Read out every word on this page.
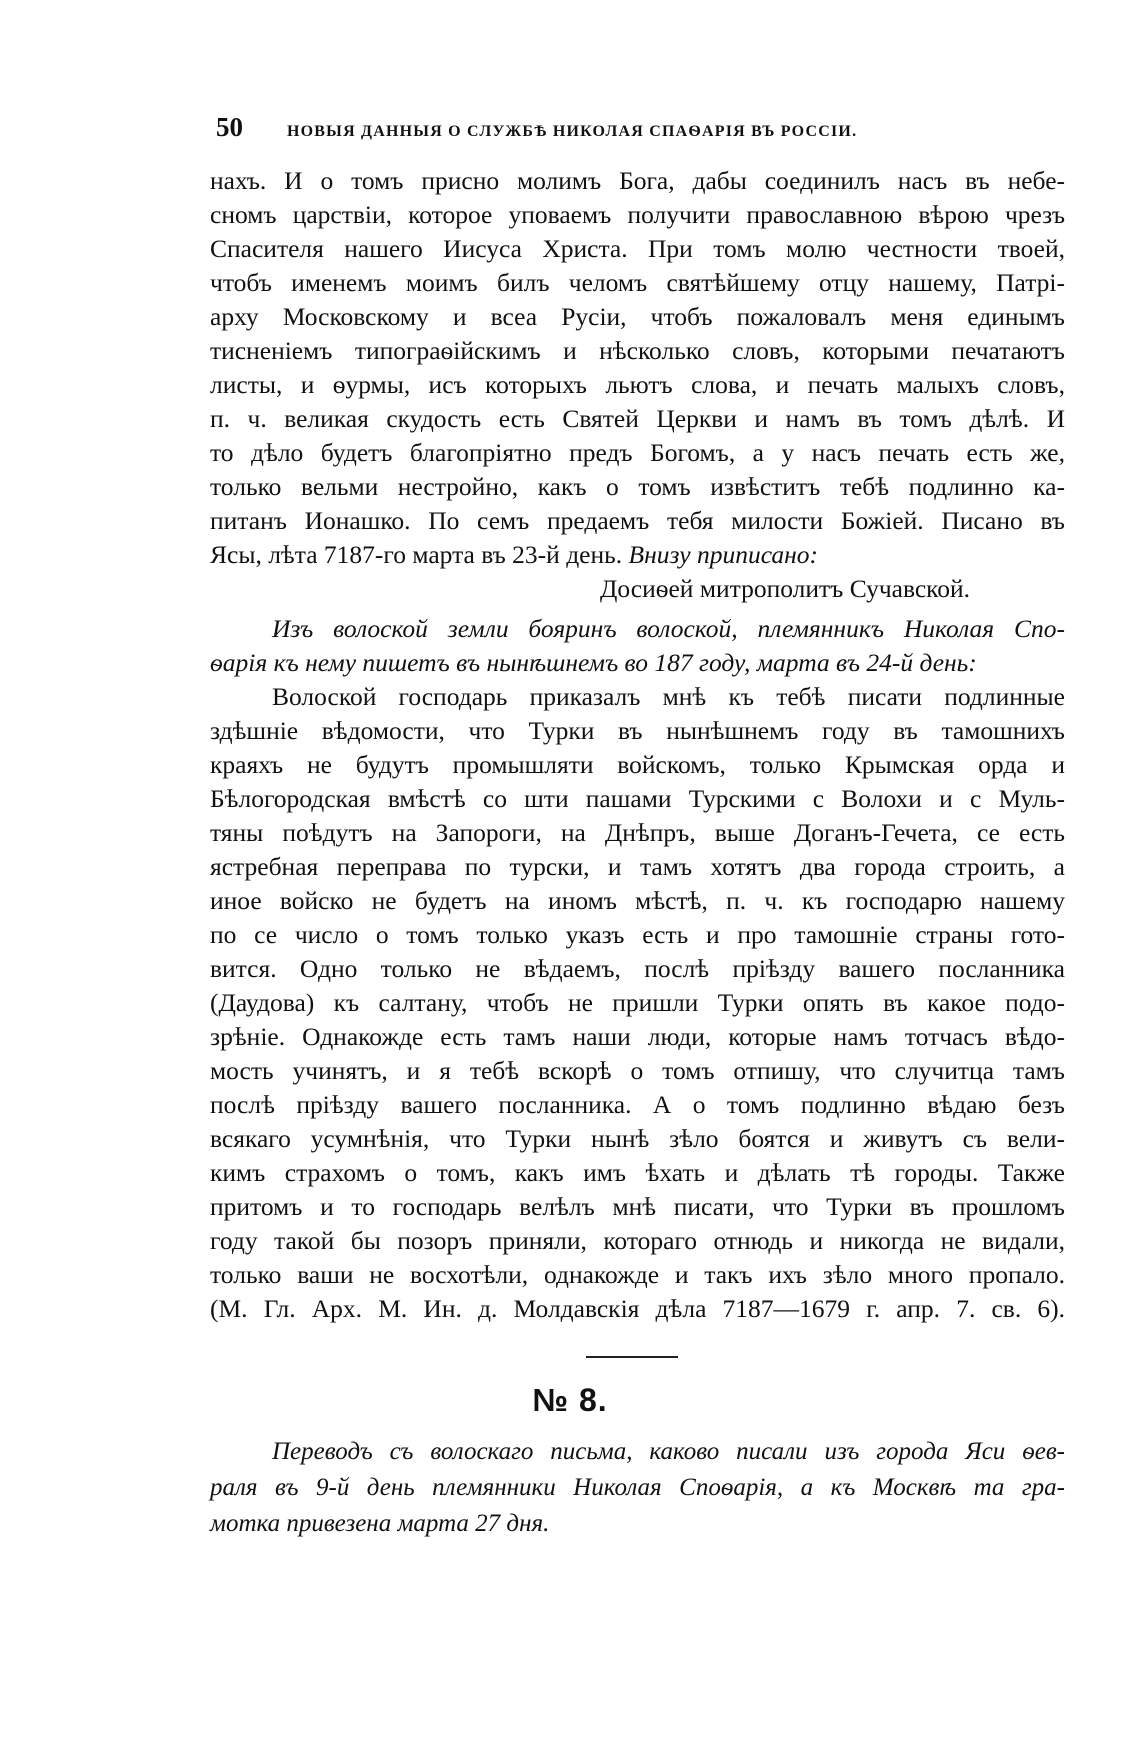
50	НОВЫЯ ДАННЫЯ О СЛУЖБѢ НИКОЛАЯ СПАѲАРІЯ ВЪ РОССІИ.
нахъ. И о томъ присно молимъ Бога, дабы соединилъ насъ въ небе-
сномъ царствіи, которое уповаемъ получити православною вѣрою чрезъ
Спасителя нашего Иисуса Христа. При томъ молю честности твоей,
чтобъ именемъ моимъ билъ челомъ святѣйшему отцу нашему, Патрі-
арху Московскому и всеа Русіи, чтобъ пожаловалъ меня единымъ
тисненіемъ типограѳійскимъ и нѣсколько словъ, которыми печатаютъ
листы, и ѳурмы, исъ которыхъ льютъ слова, и печать малыхъ словъ,
п. ч. великая скудость есть Святей Церкви и намъ въ томъ дѣлѣ. И
то дѣло будетъ благопріятно предъ Богомъ, а у насъ печать есть же,
только вельми нестройно, какъ о томъ извѣститъ тебѣ подлинно ка-
питанъ Ионашко. По семъ предаемъ тебя милости Божіей. Писано въ
Ясы, лѣта 7187-го марта въ 23-й день. Внизу приписано:
Досиѳей митрополитъ Сучавской.
Изъ волоской земли бояринъ волоской, племянникъ Николая Спо-
ѳарія къ нему пишетъ въ нынѣшнемъ во 187 году, марта въ 24-й день:
Волоской господарь приказалъ мнѣ къ тебѣ писати подлинные
здѣшніе вѣдомости, что Турки въ нынѣшнемъ году въ тамошнихъ
краяхъ не будутъ промышляти войскомъ, только Крымская орда и
Бѣлогородская вмѣстѣ со шти пашами Турскими с Волохи и с Муль-
тяны поѣдутъ на Запороги, на Днѣпръ, выше Доганъ-Гечета, се есть
ястребная переправа по турски, и тамъ хотятъ два города строить, а
иное войско не будетъ на иномъ мѣстѣ, п. ч. къ господарю нашему
по се число о томъ только указъ есть и про тамошніе страны гото-
вится. Одно только не вѣдаемъ, послѣ пріѣзду вашего посланника
(Даудова) къ салтану, чтобъ не пришли Турки опять въ какое подо-
зрѣніе. Однакожде есть тамъ наши люди, которые намъ тотчасъ вѣдо-
мость учинятъ, и я тебѣ вскорѣ о томъ отпишу, что случитца тамъ
послѣ пріѣзду вашего посланника. А о томъ подлинно вѣдаю безъ
всякаго усумнѣнія, что Турки нынѣ зѣло боятся и живутъ съ вели-
кимъ страхомъ о томъ, какъ имъ ѣхать и дѣлать тѣ городы. Также
притомъ и то господарь велѣлъ мнѣ писати, что Турки въ прошломъ
году такой бы позоръ приняли, котораго отнюдь и никогда не видали,
только ваши не восхотѣли, однакожде и такъ ихъ зѣло много пропало.
(М. Гл. Арх. М. Ин. д. Молдавскія дѣла 7187—1679 г. апр. 7. св. 6).
№ 8.
Переводъ съ волоскаго письма, каково писали изъ города Яси ѳев-
раля въ 9-й день племянники Николая Споѳарія, а къ Москвѣ та гра-
мотка привезена марта 27 дня.
